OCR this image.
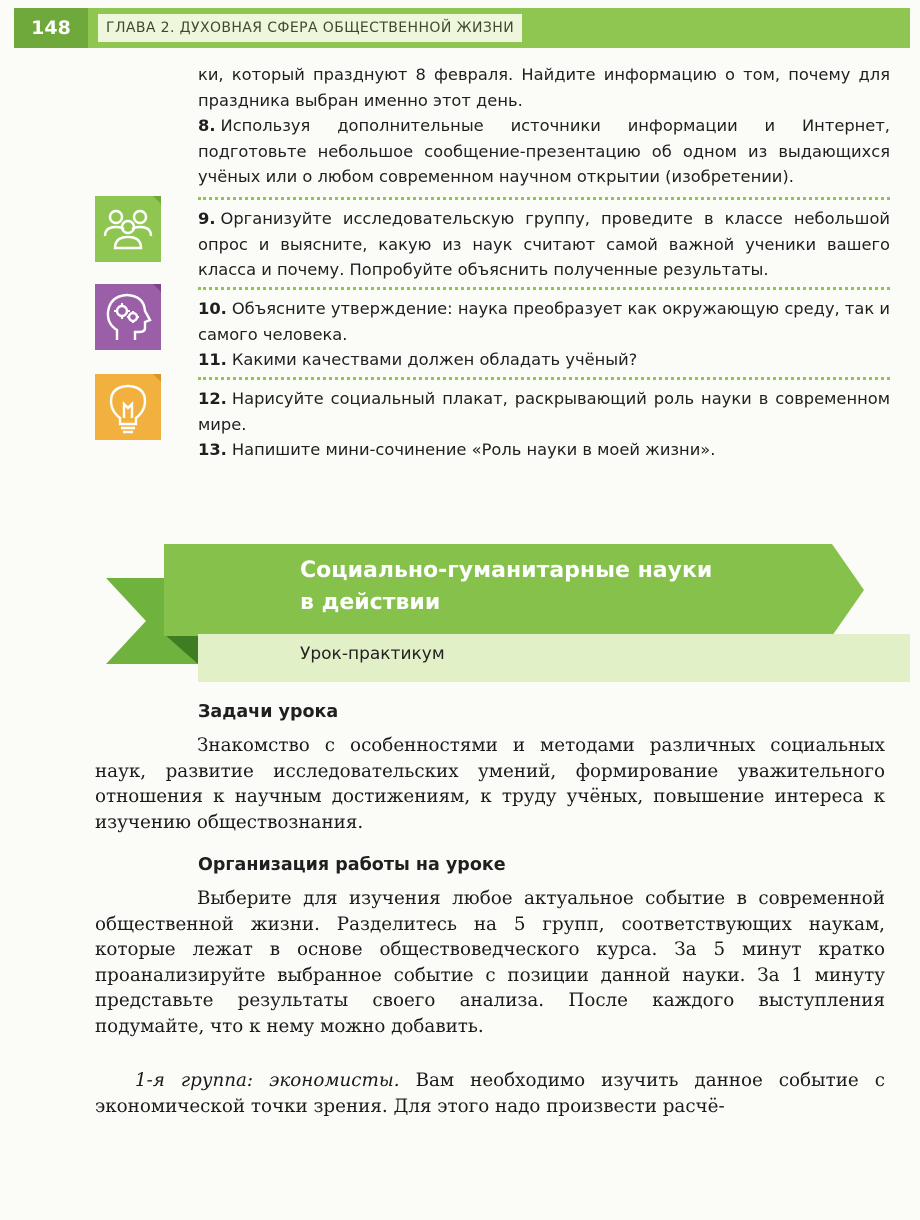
148	ГЛАВА 2. ДУХОВНАЯ СФЕРА ОБЩЕСТВЕННОЙ ЖИЗНИ

ки, который празднуют 8 февраля. Найдите информацию о том, почему для праздника выбран именно этот день.

8. Используя дополнительные источники информации и Интернет, подготовьте небольшое сообщение-презентацию об одном из выдающихся учёных или о любом современном научном открытии (изобретении).

9. Организуйте исследовательскую группу, проведите в классе небольшой опрос и выясните, какую из наук считают самой важной ученики вашего класса и почему. Попробуйте объяснить полученные результаты.

10. Объясните утверждение: наука преобразует как окружающую среду, так и самого человека.

11. Какими качествами должен обладать учёный?

12. Нарисуйте социальный плакат, раскрывающий роль науки в современном мире.

13. Напишите мини-сочинение «Роль науки в моей жизни».

Социально-гуманитарные науки
в действии
Урок-практикум
Задачи урока

Знакомство с особенностями и методами различных социальных наук, развитие исследовательских умений, формирование уважительного отношения к научным достижениям, к труду учёных, повышение интереса к изучению обществознания.

Организация работы на уроке

Выберите для изучения любое актуальное событие в современной общественной жизни. Разделитесь на 5 групп, соответствующих наукам, которые лежат в основе обществоведческого курса. За 5 минут кратко проанализируйте выбранное событие с позиции данной науки. За 1 минуту представьте результаты своего анализа. После каждого выступления подумайте, что к нему можно добавить.

1-я группа: экономисты. Вам необходимо изучить данное событие с экономической точки зрения. Для этого надо произвести расчё-
